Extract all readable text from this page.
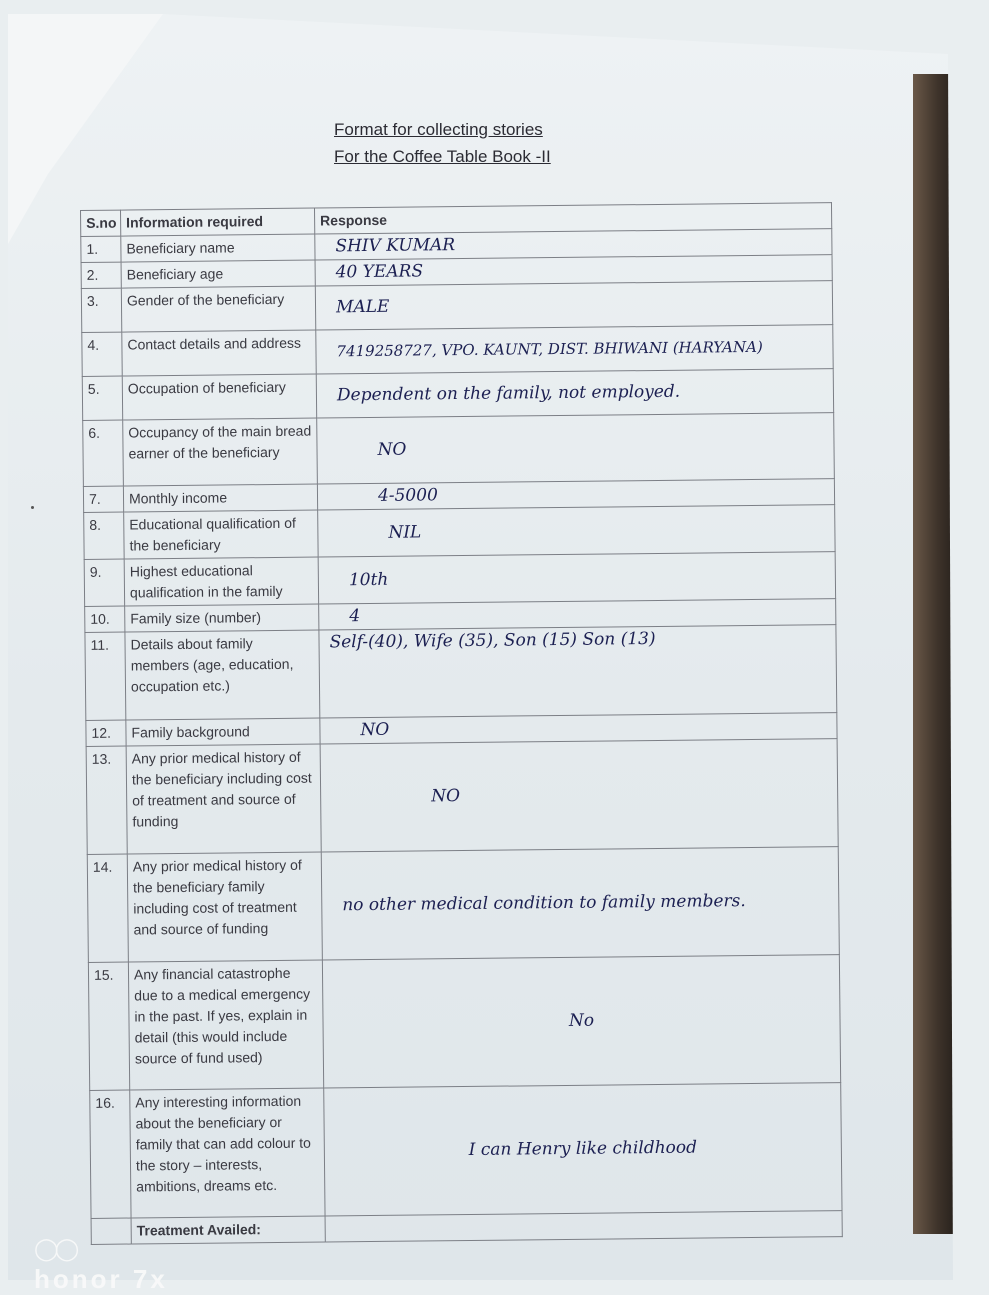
Format for collecting stories
For the Coffee Table Book -II
S.no	Information required	Response
1.	Beneficiary name	SHIV KUMAR
2.	Beneficiary age	40 YEARS
3.	Gender of the beneficiary	MALE
4.	Contact details and address	7419258727, VPO. KAUNT, DIST. BHIWANI (HARYANA)
5.	Occupation of beneficiary	Dependent on the family, not employed.
6.	Occupancy of the main bread earner of the beneficiary	NO
7.	Monthly income	4-5000
8.	Educational qualification of the beneficiary	NIL
9.	Highest educational qualification in the family	10th
10.	Family size (number)	4
11.	Details about family members (age, education, occupation etc.)	Self-(40), Wife (35), Son (15) Son (13)
12.	Family background	NO
13.	Any prior medical history of the beneficiary including cost of treatment and source of funding	NO
14.	Any prior medical history of the beneficiary family including cost of treatment and source of funding	no other medical condition to family members.
15.	Any financial catastrophe due to a medical emergency in the past. If yes, explain in detail (this would include source of fund used)	No
16.	Any interesting information about the beneficiary or family that can add colour to the story – interests, ambitions, dreams etc.	I can Henry like childhood
	Treatment Availed:	
◯◯
honor 7x
